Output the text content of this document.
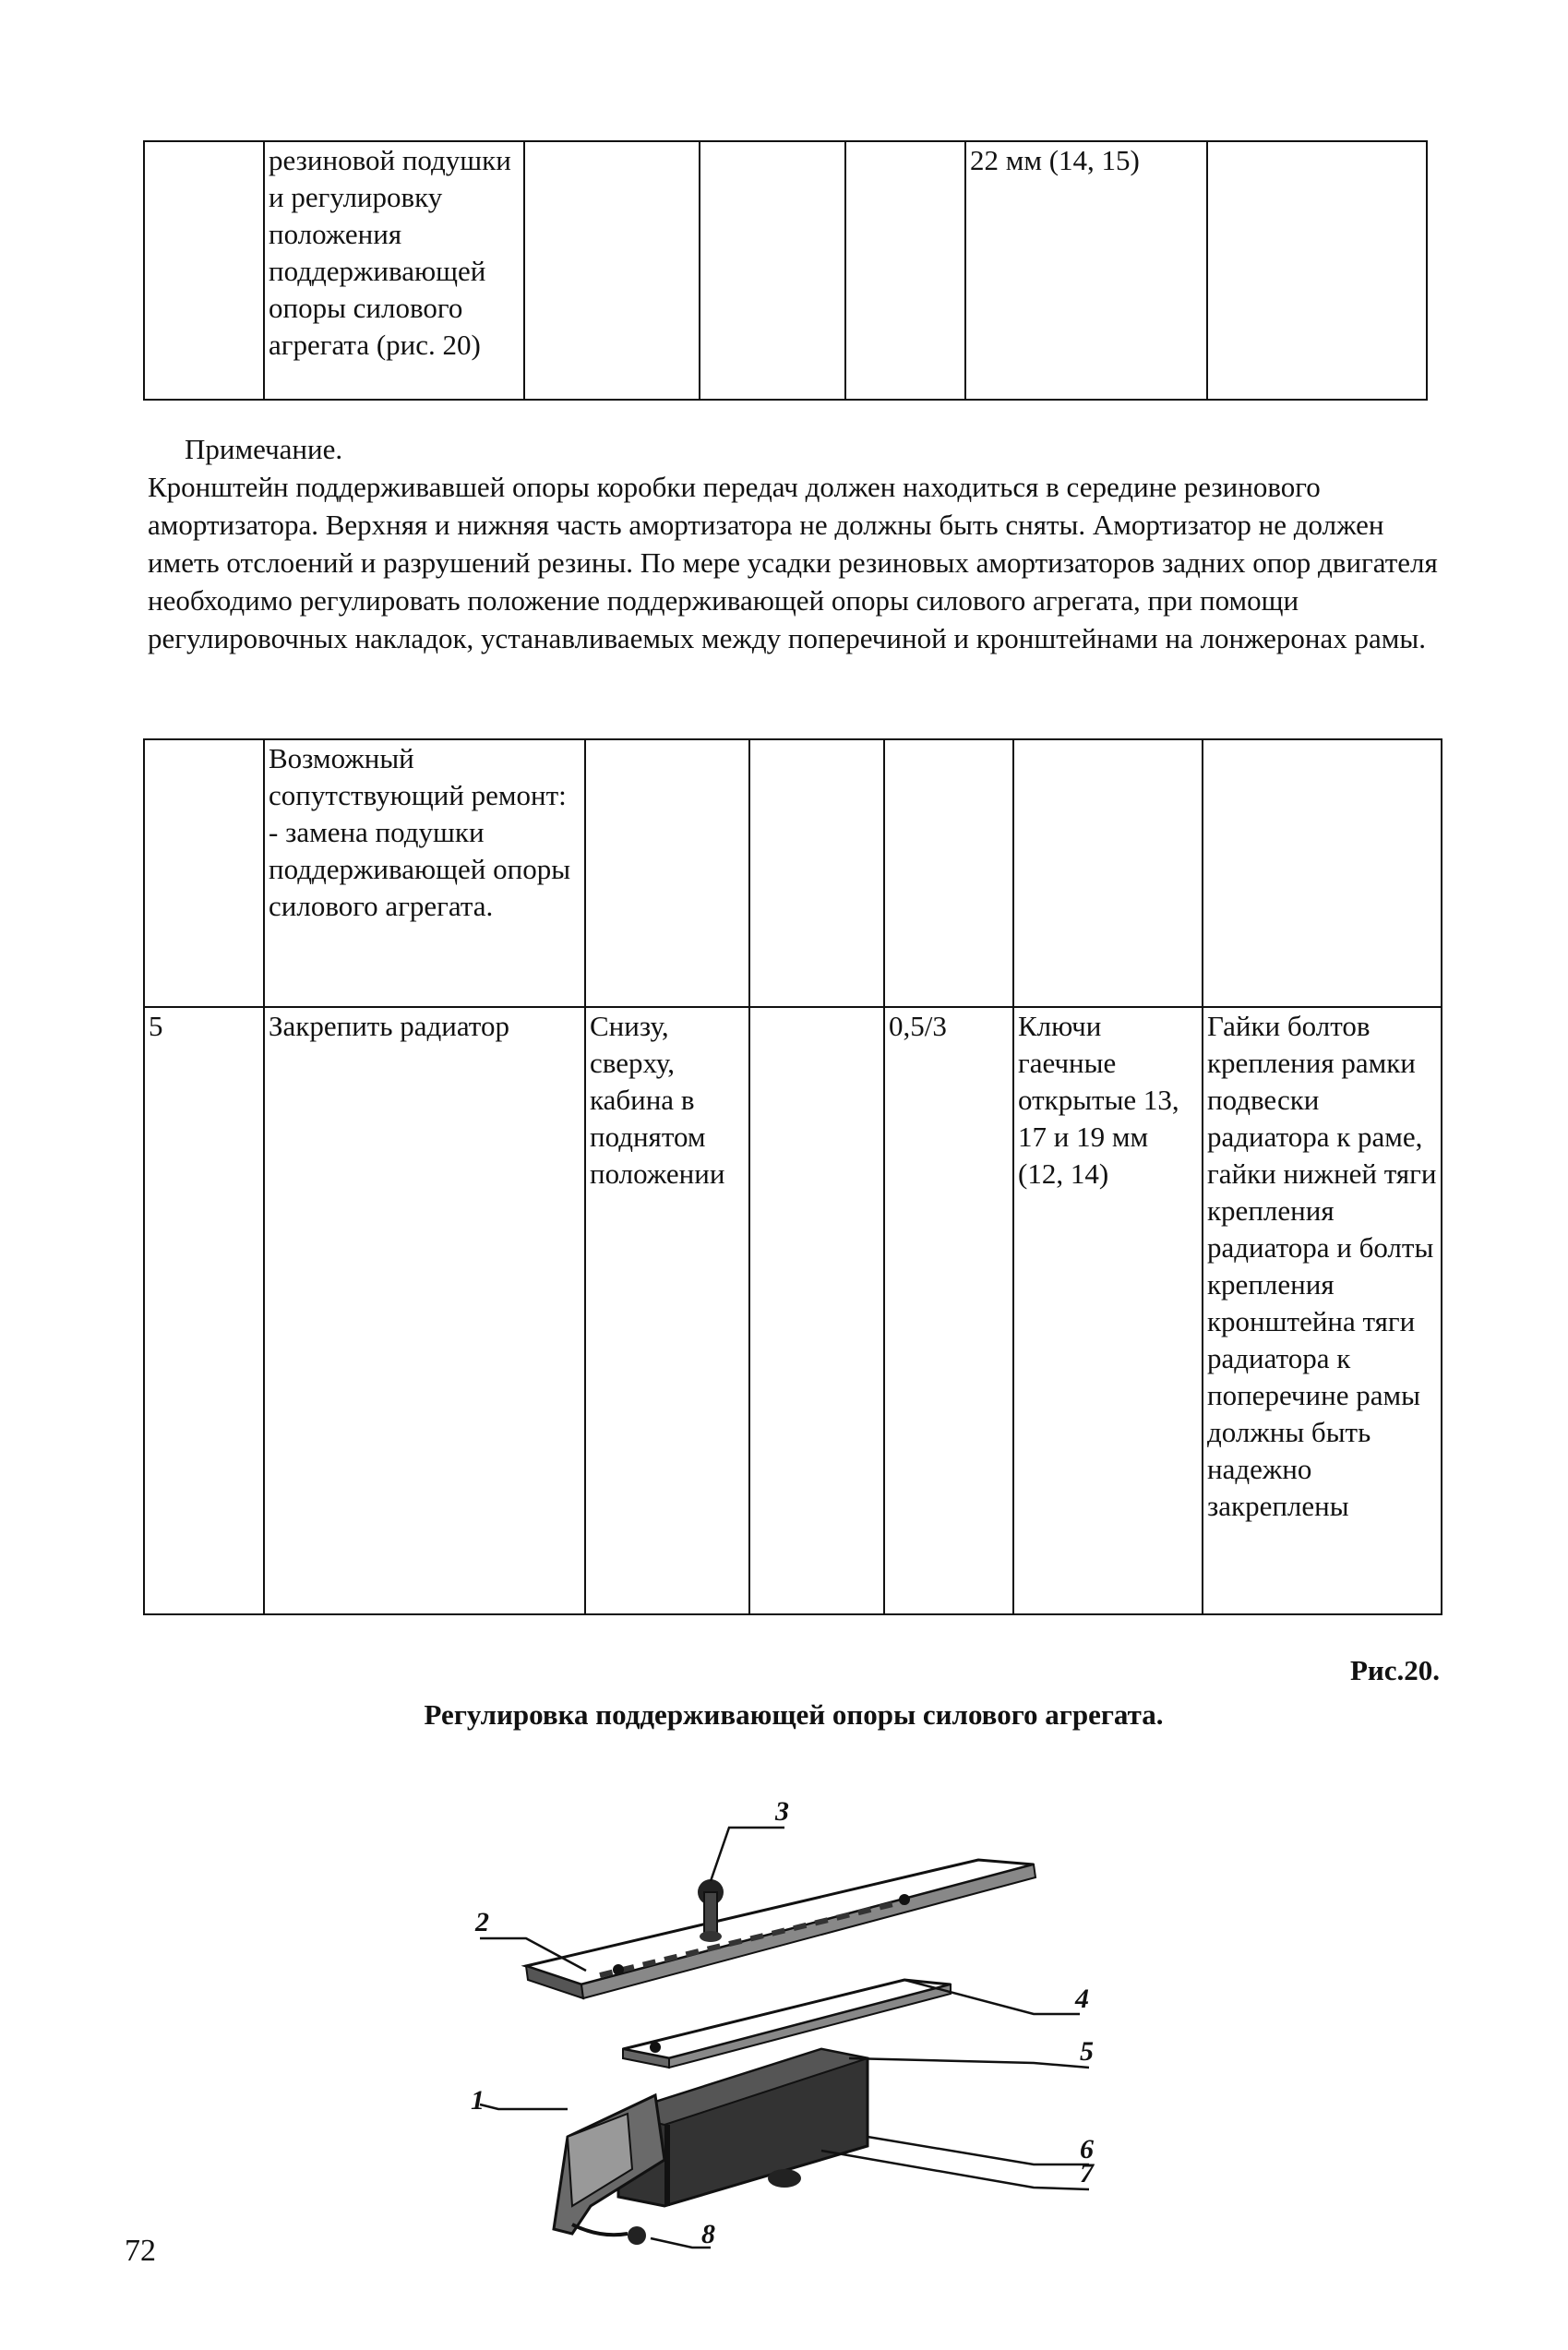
	резиновой подушки и регулировку положения поддерживающей опоры силового агрегата (рис. 20)				22 мм (14, 15)	

Примечание.

Кронштейн поддерживавшей опоры коробки передач должен находиться в середине резинового амортизатора. Верхняя и нижняя часть амортизатора не должны быть сняты. Амортизатор не должен иметь отслоений и разрушений резины. По мере усадки резиновых амортизаторов задних опор двигателя необходимо регулировать положение поддерживающей опоры силового агрегата, при помощи регулировочных накладок, устанавливаемых между поперечиной и кронштейнами на лонжеронах рамы.

	Возможный сопутствующий ремонт:
- замена подушки поддерживающей опоры силового агрегата.					
5	Закрепить радиатор	Снизу, сверху, кабина в поднятом положении		0,5/3	Ключи гаечные открытые 13, 17 и 19 мм (12, 14)	Гайки болтов крепления рамки подвески радиатора к раме, гайки нижней тяги крепления радиатора и болты крепления кронштейна тяги радиатора к поперечине рамы должны быть надежно закреплены
Рис.20.
Регулировка поддерживающей опоры силового агрегата.
1
2
3
4
5
6
7
8
72
